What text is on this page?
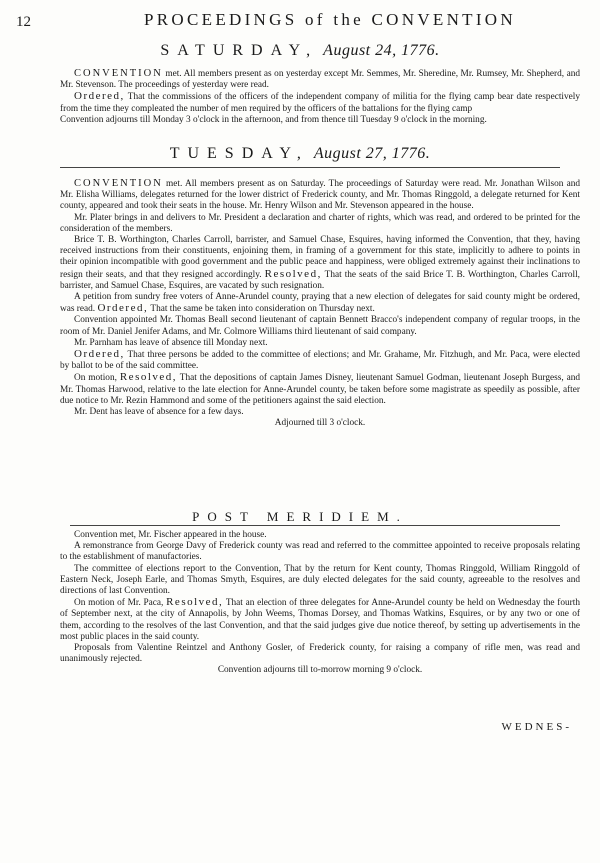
12	PROCEEDINGS of the CONVENTION
SATURDAY, August 24, 1776.

CONVENTION met. All members present as on yesterday except Mr. Semmes, Mr. Sheredine, Mr. Rumsey, Mr. Shepherd, and Mr. Stevenson. The proceedings of yesterday were read.

Ordered, That the commissions of the officers of the independent company of militia for the flying camp bear date respectively from the time they compleated the number of men required by the officers of the battalions for the flying camp

Convention adjourns till Monday 3 o'clock in the afternoon, and from thence till Tuesday 9 o'clock in the morning.

TUESDAY, August 27, 1776.

CONVENTION met. All members present as on Saturday. The proceedings of Saturday were read. Mr. Jonathan Wilson and Mr. Elisha Williams, delegates returned for the lower district of Frederick county, and Mr. Thomas Ringgold, a delegate returned for Kent county, appeared and took their seats in the house. Mr. Henry Wilson and Mr. Stevenson appeared in the house.

Mr. Plater brings in and delivers to Mr. President a declaration and charter of rights, which was read, and ordered to be printed for the consideration of the members.

Brice T. B. Worthington, Charles Carroll, barrister, and Samuel Chase, Esquires, having informed the Convention, that they, having received instructions from their constituents, enjoining them, in framing of a government for this state, implicitly to adhere to points in their opinion incompatible with good government and the public peace and happiness, were obliged extremely against their inclinations to resign their seats, and that they resigned accordingly. Resolved, That the seats of the said Brice T. B. Worthington, Charles Carroll, barrister, and Samuel Chase, Esquires, are vacated by such resignation.

A petition from sundry free voters of Anne-Arundel county, praying that a new election of delegates for said county might be ordered, was read. Ordered, That the same be taken into consideration on Thursday next.

Convention appointed Mr. Thomas Beall second lieutenant of captain Bennett Bracco's independent company of regular troops, in the room of Mr. Daniel Jenifer Adams, and Mr. Colmore Williams third lieutenant of said company.

Mr. Parnham has leave of absence till Monday next.

Ordered, That three persons be added to the committee of elections; and Mr. Grahame, Mr. Fitzhugh, and Mr. Paca, were elected by ballot to be of the said committee.

On motion, Resolved, That the depositions of captain James Disney, lieutenant Samuel Godman, lieutenant Joseph Burgess, and Mr. Thomas Harwood, relative to the late election for Anne-Arundel county, be taken before some magistrate as speedily as possible, after due notice to Mr. Rezin Hammond and some of the petitioners against the said election.

Mr. Dent has leave of absence for a few days.

Adjourned till 3 o'clock.

POST MERIDIEM.

Convention met, Mr. Fischer appeared in the house.

A remonstrance from George Davy of Frederick county was read and referred to the committee appointed to receive proposals relating to the establishment of manufactories.

The committee of elections report to the Convention, That by the return for Kent county, Thomas Ringgold, William Ringgold of Eastern Neck, Joseph Earle, and Thomas Smyth, Esquires, are duly elected delegates for the said county, agreeable to the resolves and directions of last Convention.

On motion of Mr. Paca, Resolved, That an election of three delegates for Anne-Arundel county be held on Wednesday the fourth of September next, at the city of Annapolis, by John Weems, Thomas Dorsey, and Thomas Watkins, Esquires, or by any two or one of them, according to the resolves of the last Convention, and that the said judges give due notice thereof, by setting up advertisements in the most public places in the said county.

Proposals from Valentine Reintzel and Anthony Gosler, of Frederick county, for raising a company of rifle men, was read and unanimously rejected.

Convention adjourns till to-morrow morning 9 o'clock.

WEDNES-
